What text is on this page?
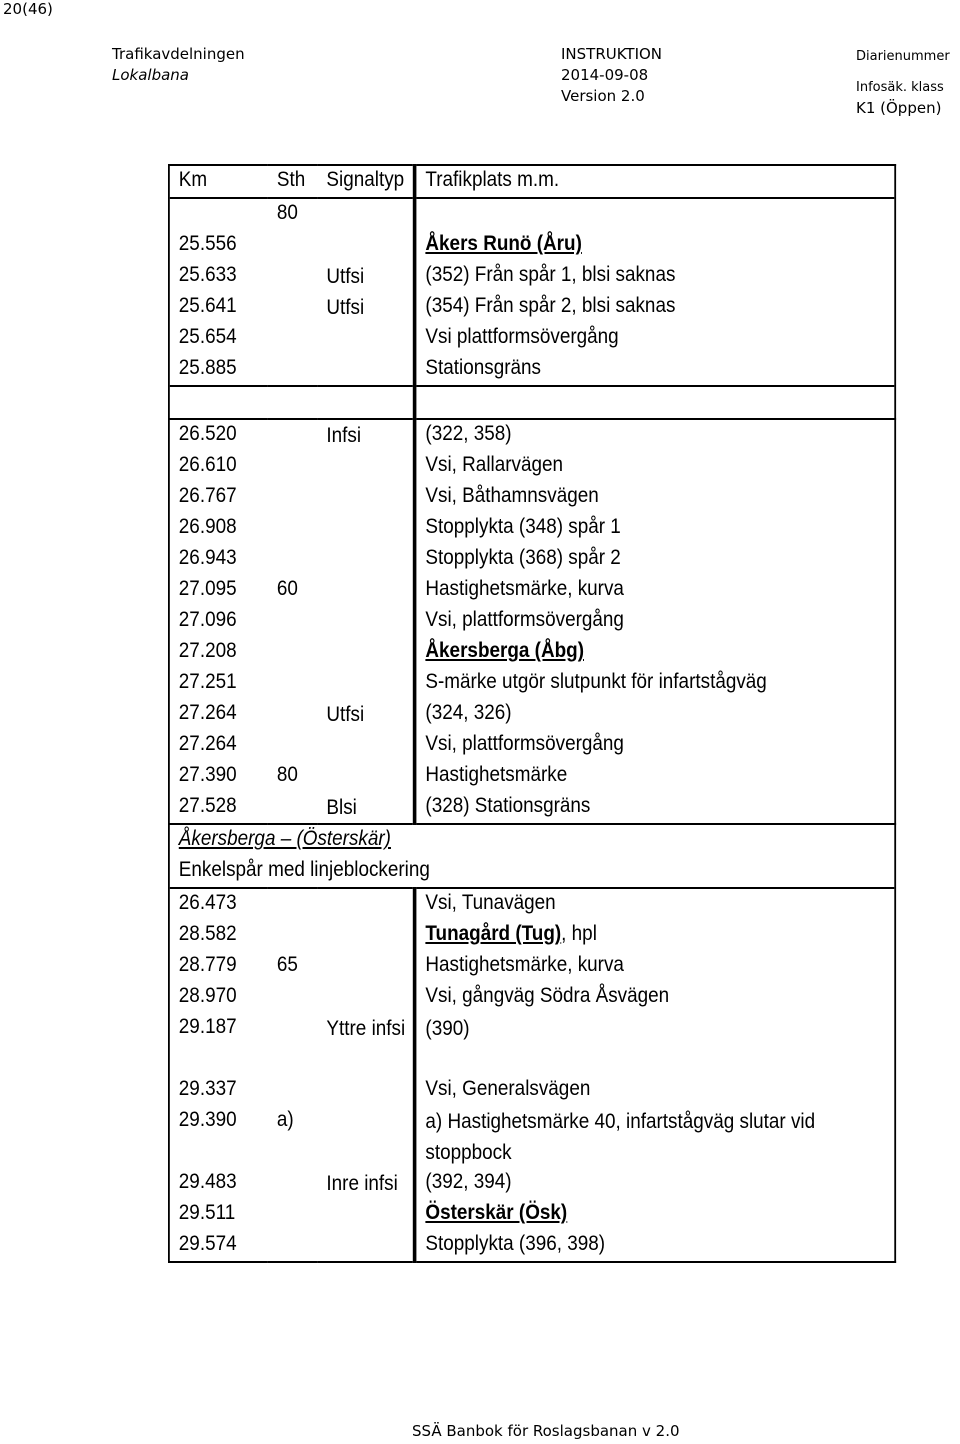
20(46)
Trafikavdelningen
Lokalbana
INSTRUKTION
2014-09-08
Version 2.0
Diarienummer
Infosäk. klass
K1 (Öppen)
Km	Sth	Signaltyp	Trafikplats m.m.
	80		
25.556			Åkers Runö (Åru)
25.633		Utfsi	(352) Från spår 1, blsi saknas
25.641		Utfsi	(354) Från spår 2, blsi saknas
25.654			Vsi plattformsövergång
25.885			Stationsgräns

26.520		Infsi	(322, 358)
26.610			Vsi, Rallarvägen
26.767			Vsi, Båthamnsvägen
26.908			Stopplykta (348) spår 1
26.943			Stopplykta (368) spår 2
27.095	60		Hastighetsmärke, kurva
27.096			Vsi, plattformsövergång
27.208			Åkersberga (Åbg)
27.251			S-märke utgör slutpunkt för infartstågväg
27.264		Utfsi	(324, 326)
27.264			Vsi, plattformsövergång
27.390	80		Hastighetsmärke
27.528		Blsi	(328) Stationsgräns
Åkersberga – (Österskär)			
Enkelspår med linjeblockering			
26.473			Vsi, Tunavägen
28.582			Tunagård (Tug), hpl
28.779	65		Hastighetsmärke, kurva
28.970			Vsi, gångväg Södra Åsvägen
29.187		Yttre infsi	(390)
29.337			Vsi, Generalsvägen
29.390	a)		a) Hastighetsmärke 40, infartstågväg slutar vid stoppbock
29.483		Inre infsi	(392, 394)
29.511			Österskär (Ösk)
29.574			Stopplykta (396, 398)
SSÄ Banbok för Roslagsbanan v 2.0
